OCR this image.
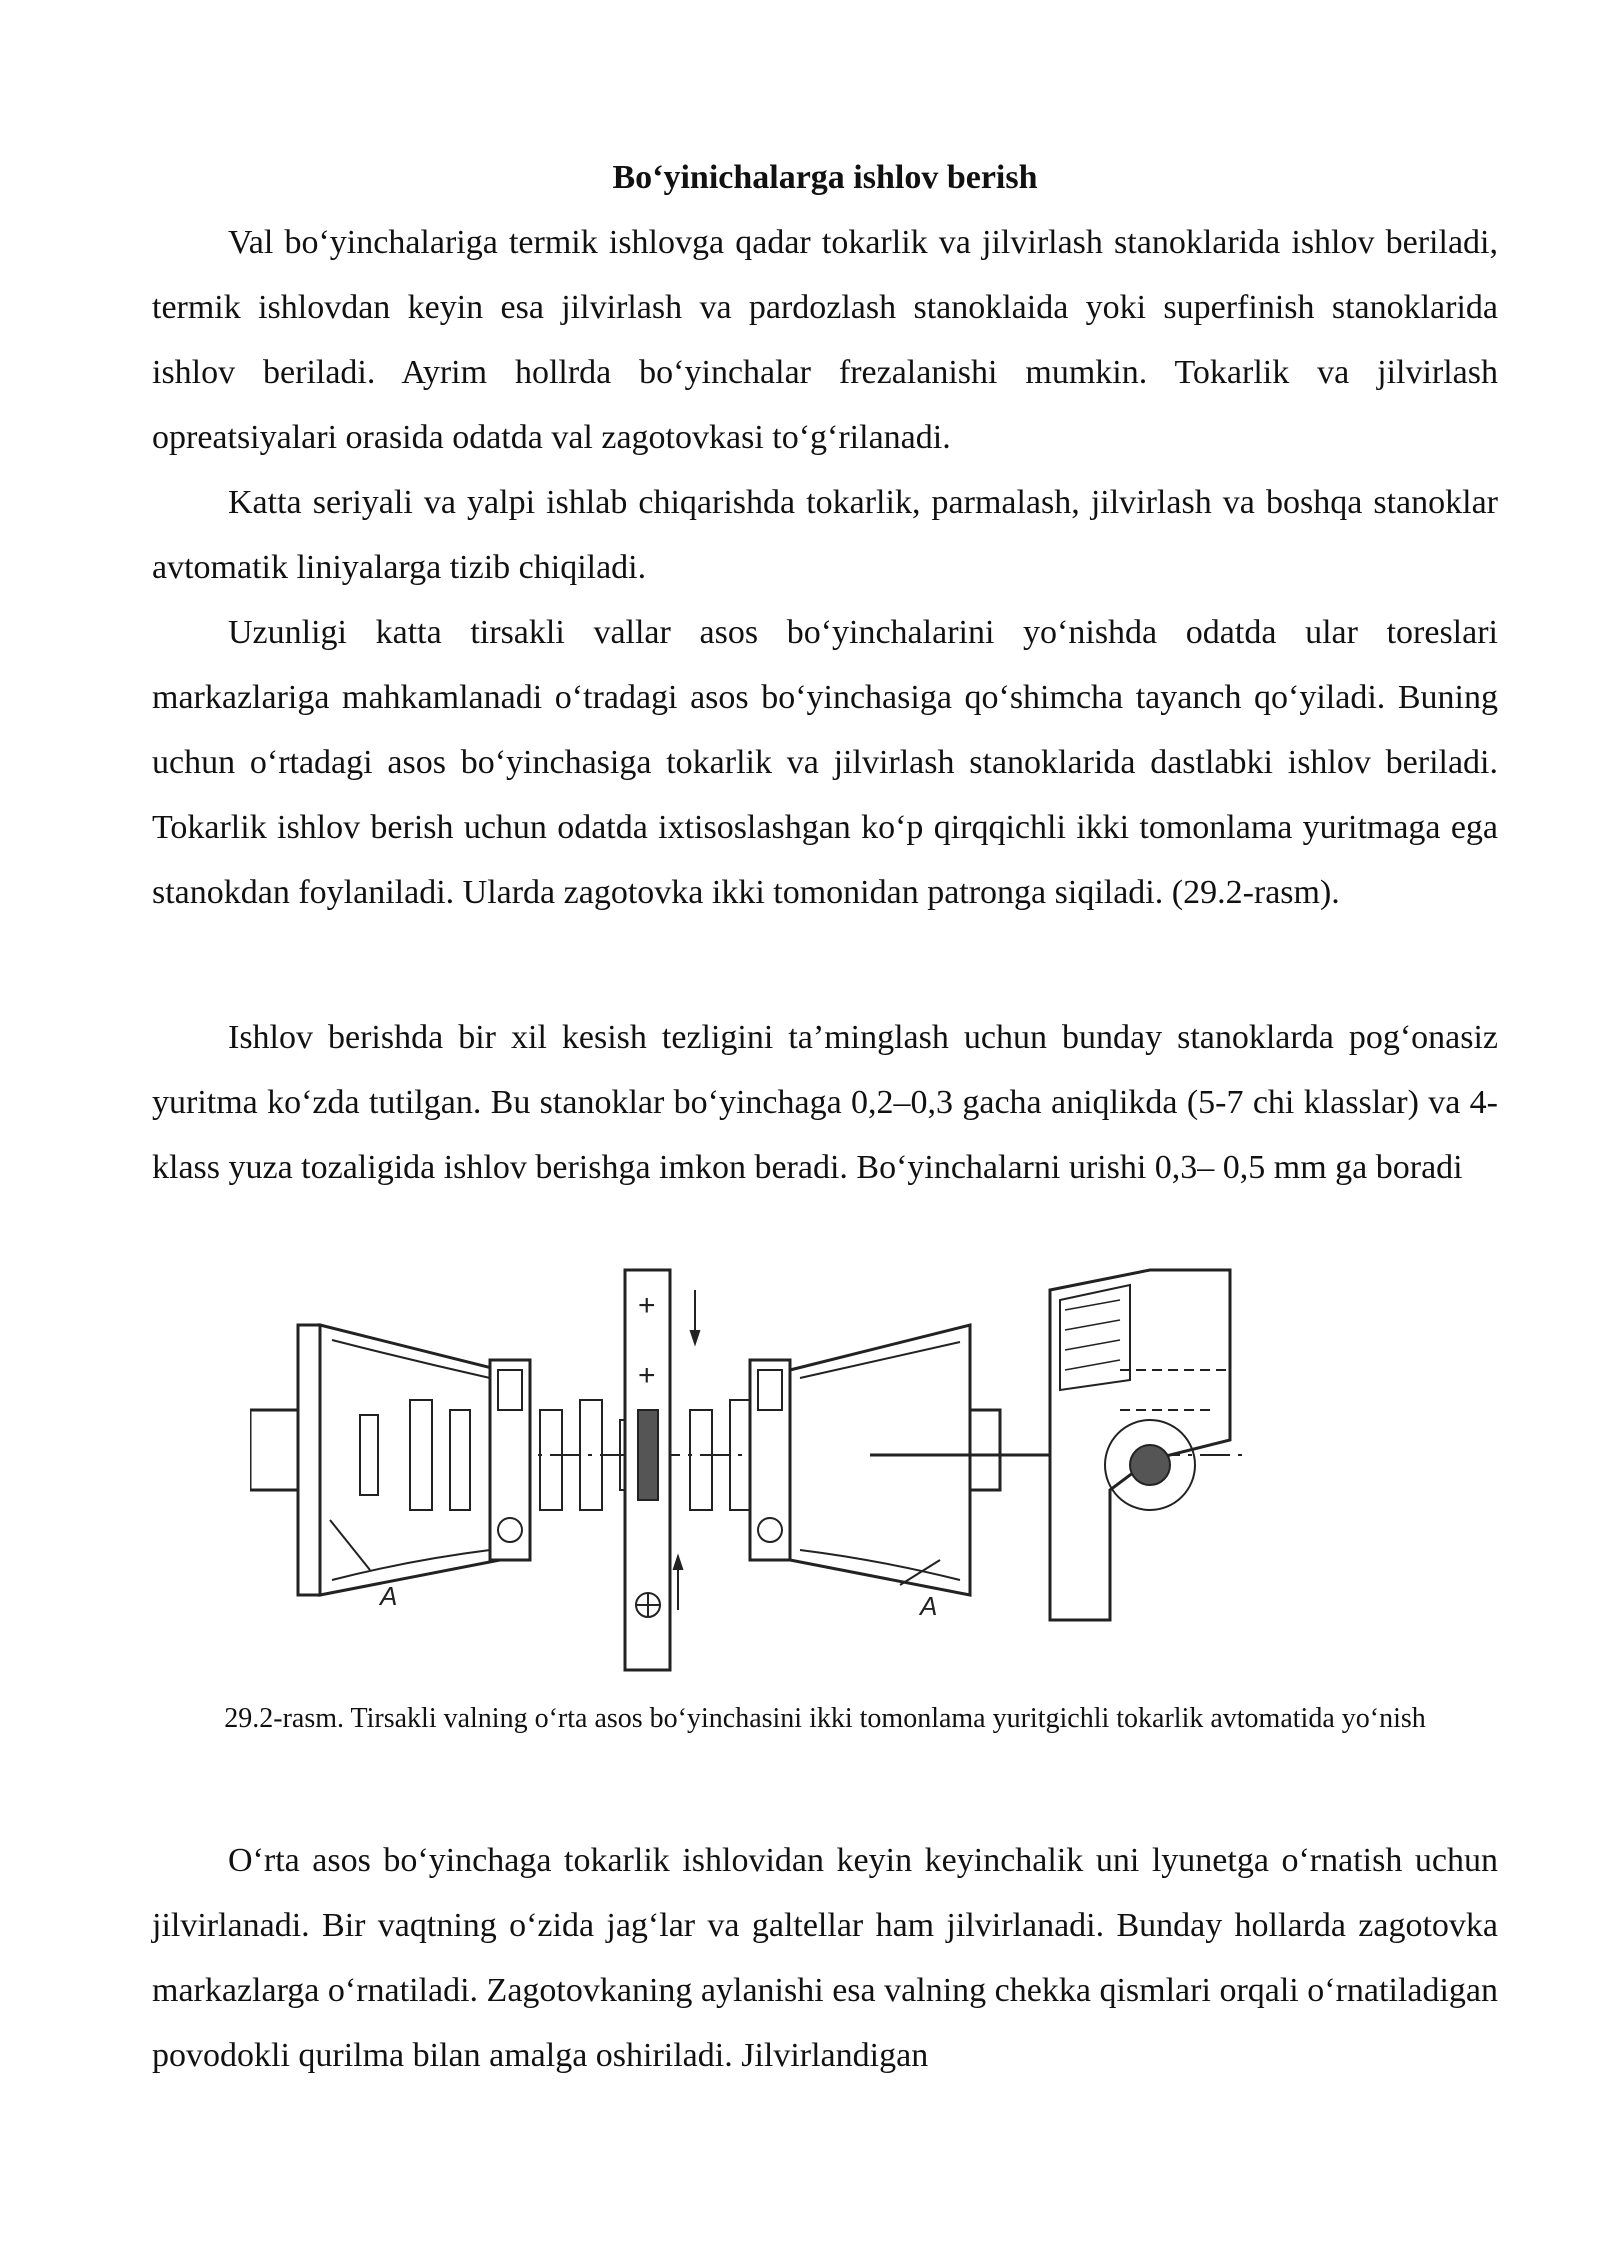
Bo‘yinichalarga ishlov berish

Val bo‘yinchalariga termik ishlovga qadar tokarlik va jilvirlash stanoklarida ishlov beriladi, termik ishlovdan keyin esa jilvirlash va pardozlash stanoklaida yoki superfinish stanoklarida ishlov beriladi. Ayrim hollrda bo‘yinchalar frezalanishi mumkin. Tokarlik va jilvirlash opreatsiyalari orasida odatda val zagotovkasi to‘g‘rilanadi.

Katta seriyali va yalpi ishlab chiqarishda tokarlik, parmalash, jilvirlash va boshqa stanoklar avtomatik liniyalarga tizib chiqiladi.

Uzunligi katta tirsakli vallar asos bo‘yinchalarini yo‘nishda odatda ular toreslari markazlariga mahkamlanadi o‘tradagi asos bo‘yinchasiga qo‘shimcha tayanch qo‘yiladi. Buning uchun o‘rtadagi asos bo‘yinchasiga tokarlik va jilvirlash stanoklarida dastlabki ishlov beriladi. Tokarlik ishlov berish uchun odatda ixtisoslashgan ko‘p qirqqichli ikki tomonlama yuritmaga ega stanokdan foylaniladi. Ularda zagotovka ikki tomonidan patronga siqiladi. (29.2-rasm).

Ishlov berishda bir xil kesish tezligini ta’minglash uchun bunday stanoklarda pog‘onasiz yuritma ko‘zda tutilgan. Bu stanoklar bo‘yinchaga 0,2–0,3 gacha aniqlikda (5-7 chi klasslar) va 4-klass yuza tozaligida ishlov berishga imkon beradi. Bo‘yinchalarni urishi 0,3– 0,5 mm ga boradi

A	A
+
+
29.2-rasm. Tirsakli valning o‘rta asos bo‘yinchasini ikki tomonlama yuritgichli tokarlik avtomatida yo‘nish

O‘rta asos bo‘yinchaga tokarlik ishlovidan keyin keyinchalik uni lyunetga o‘rnatish uchun jilvirlanadi. Bir vaqtning o‘zida jag‘lar va galtellar ham jilvirlanadi. Bunday hollarda zagotovka markazlarga o‘rnatiladi. Zagotovkaning aylanishi esa valning chekka qismlari orqali o‘rnatiladigan povodokli qurilma bilan amalga oshiriladi. Jilvirlandigan
